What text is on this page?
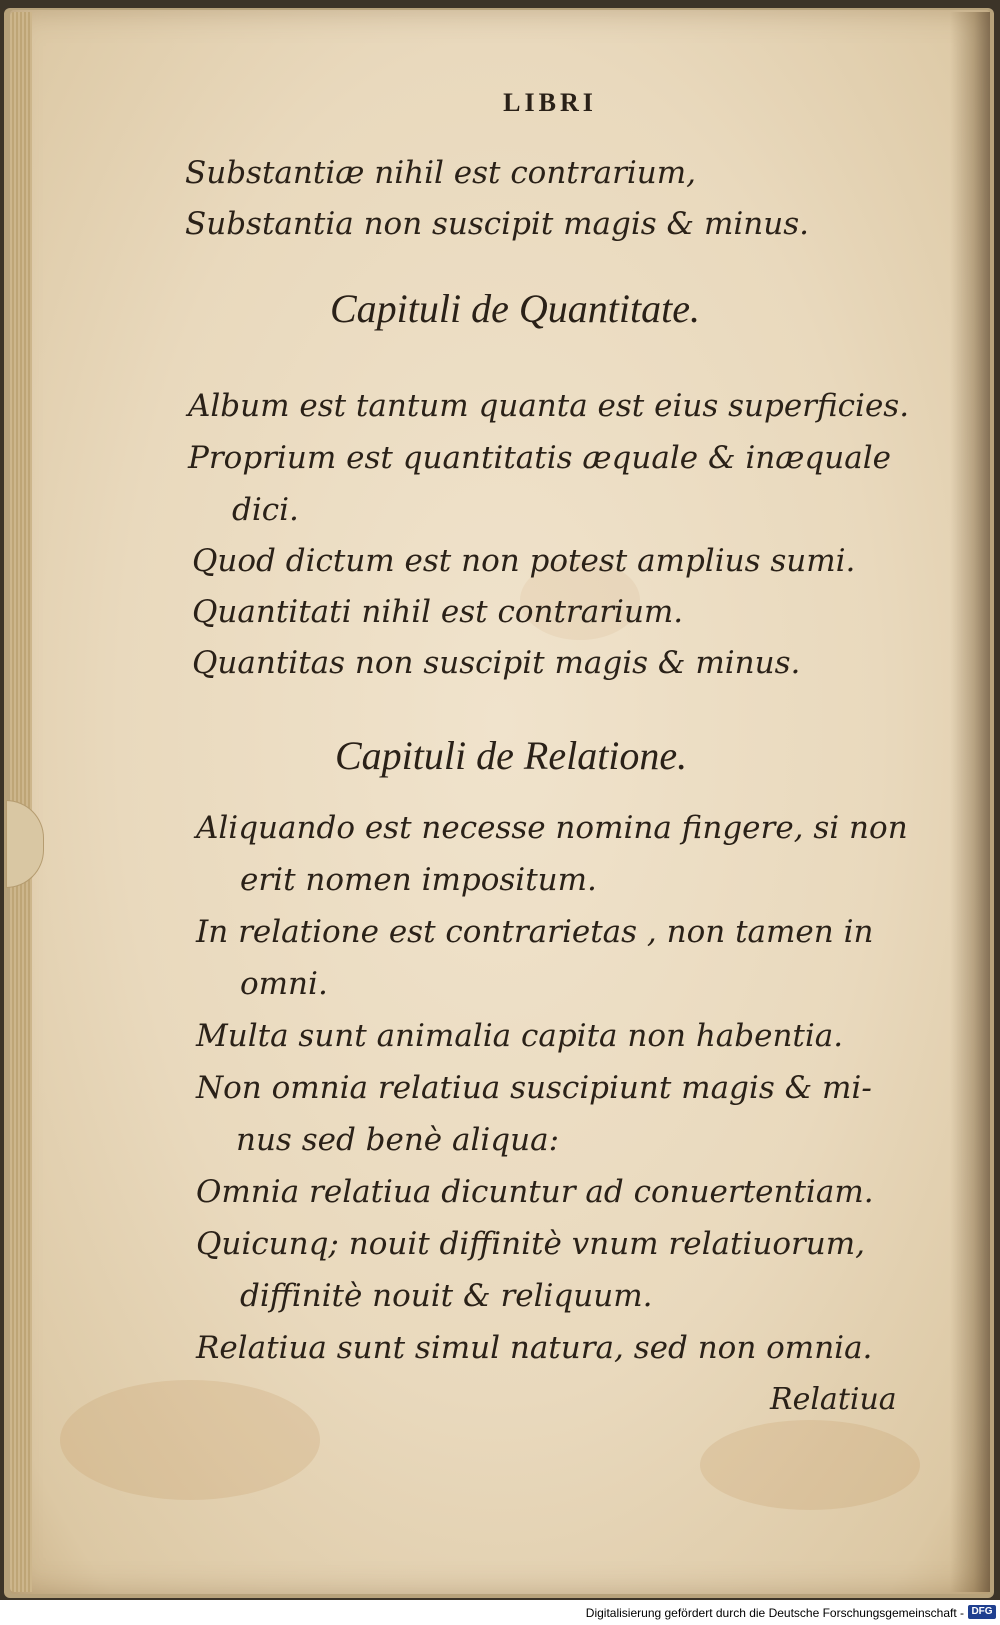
LIBRI
Substantiæ nihil est contrarium,
Substantia non suscipit magis & minus.
Capituli de Quantitate.
Album est tantum quanta est eius superficies.
Proprium est quantitatis æquale & inæquale
dici.
Quod dictum est non potest amplius sumi.
Quantitati nihil est contrarium.
Quantitas non suscipit magis & minus.
Capituli de Relatione.
Aliquando est necesse nomina fingere, si non
erit nomen impositum.
In relatione est contrarietas , non tamen in
omni.
Multa sunt animalia capita non habentia.
Non omnia relatiua suscipiunt magis & mi-
nus sed benè aliqua:
Omnia relatiua dicuntur ad conuertentiam.
Quicunq; nouit diffinitè vnum relatiuorum,
diffinitè nouit & reliquum.
Relatiua sunt simul natura, sed non omnia.
Relatiua
Digitalisierung gefördert durch die Deutsche Forschungsgemeinschaft - DFG
